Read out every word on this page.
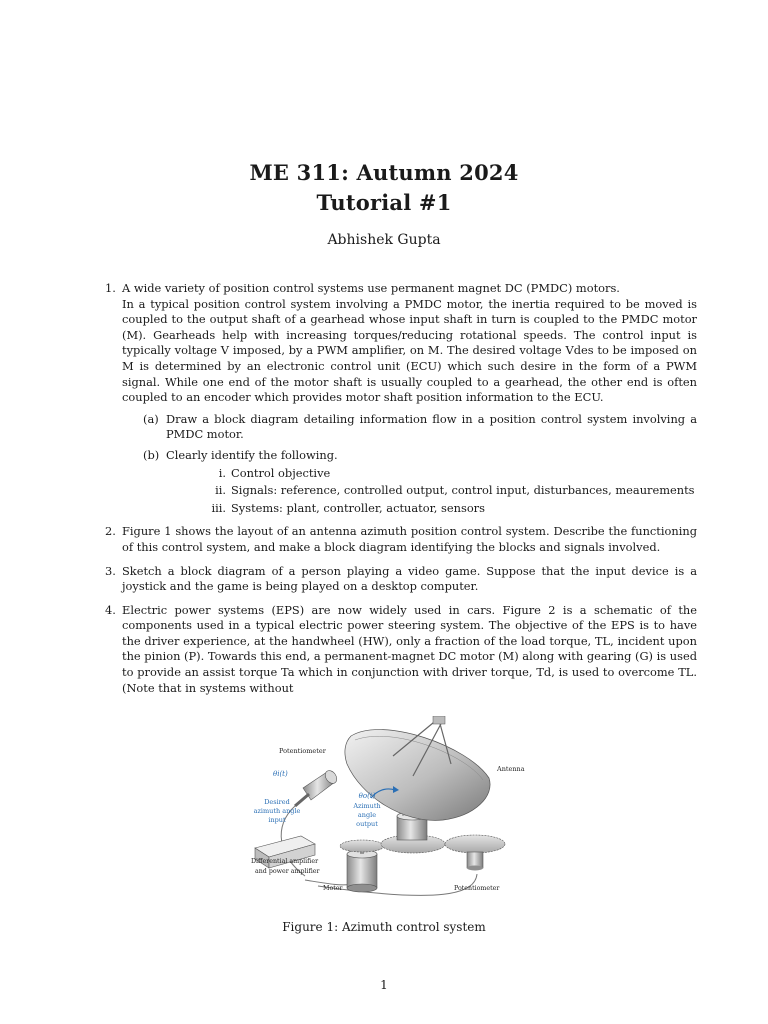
ME 311: Autumn 2024
Tutorial #1
Abhishek Gupta
1. A wide variety of position control systems use permanent magnet DC (PMDC) motors.
In a typical position control system involving a PMDC motor, the inertia required to be moved is coupled to the output shaft of a gearhead whose input shaft in turn is coupled to the PMDC motor (M). Gearheads help with increasing torques/reducing rotational speeds. The control input is typically voltage V imposed, by a PWM amplifier, on M. The desired voltage Vdes to be imposed on M is determined by an electronic control unit (ECU) which such desire in the form of a PWM signal. While one end of the motor shaft is usually coupled to a gearhead, the other end is often coupled to an encoder which provides motor shaft position information to the ECU.
(a) Draw a block diagram detailing information flow in a position control system involving a PMDC motor.
(b) Clearly identify the following.
i. Control objective
ii. Signals: reference, controlled output, control input, disturbances, meaurements
iii. Systems: plant, controller, actuator, sensors
2. Figure 1 shows the layout of an antenna azimuth position control system. Describe the functioning of this control system, and make a block diagram identifying the blocks and signals involved.
3. Sketch a block diagram of a person playing a video game. Suppose that the input device is a joystick and the game is being played on a desktop computer.
4. Electric power systems (EPS) are now widely used in cars. Figure 2 is a schematic of the components used in a typical electric power steering system. The objective of the EPS is to have the driver experience, at the handwheel (HW), only a fraction of the load torque, TL, incident upon the pinion (P). Towards this end, a permanent-magnet DC motor (M) along with gearing (G) is used to provide an assist torque Ta which in conjunction with driver torque, Td, is used to overcome TL. (Note that in systems without
Potentiometer
Antenna
θi(t)
Desired
azimuth angle
input
θo(t)
Azimuth
angle
output
Differential amplifier
and power amplifier
Motor	Potentiometer
Figure 1: Azimuth control system
1
